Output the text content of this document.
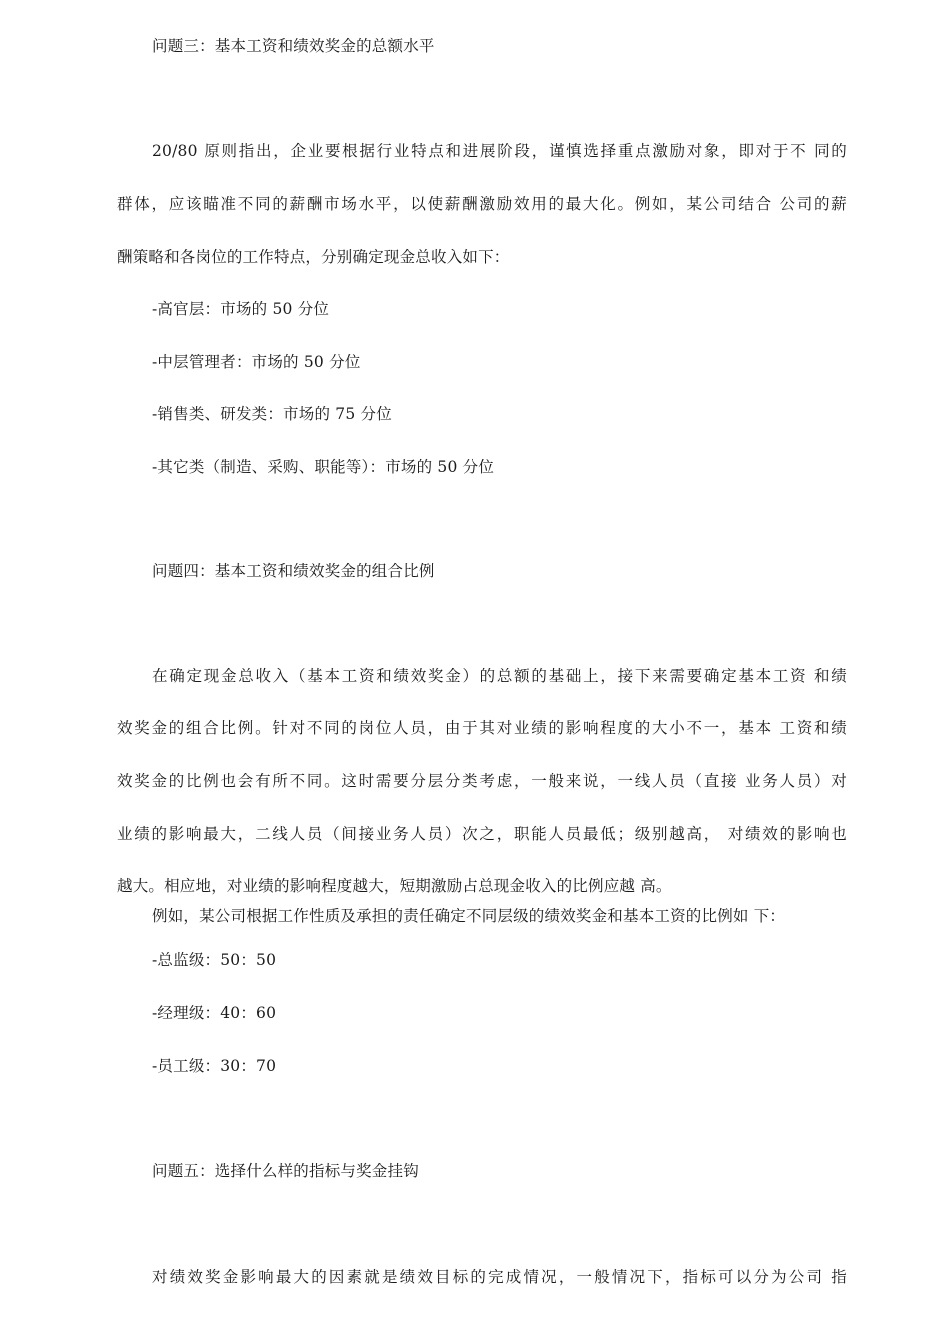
问题三：基本工资和绩效奖金的总额水平

20/80 原则指出，企业要根据行业特点和进展阶段，谨慎选择重点激励对象，即对于不 同的

群体，应该瞄准不同的薪酬市场水平，以使薪酬激励效用的最大化。例如，某公司结合 公司的薪

酬策略和各岗位的工作特点，分别确定现金总收入如下：

-高官层：市场的 50 分位

-中层管理者：市场的 50 分位

-销售类、研发类：市场的 75 分位

-其它类（制造、采购、职能等）：市场的 50 分位

问题四：基本工资和绩效奖金的组合比例

在确定现金总收入（基本工资和绩效奖金）的总额的基础上，接下来需要确定基本工资 和绩

效奖金的组合比例。针对不同的岗位人员，由于其对业绩的影响程度的大小不一，基本 工资和绩

效奖金的比例也会有所不同。这时需要分层分类考虑，一般来说，一线人员（直接 业务人员）对

业绩的影响最大，二线人员（间接业务人员）次之，职能人员最低；级别越高， 对绩效的影响也

越大。相应地，对业绩的影响程度越大，短期激励占总现金收入的比例应越 高。

例如，某公司根据工作性质及承担的责任确定不同层级的绩效奖金和基本工资的比例如 下：

-总监级：50：50

-经理级：40：60

-员工级：30：70

问题五：选择什么样的指标与奖金挂钩

对绩效奖金影响最大的因素就是绩效目标的完成情况，一般情况下，指标可以分为公司 指
